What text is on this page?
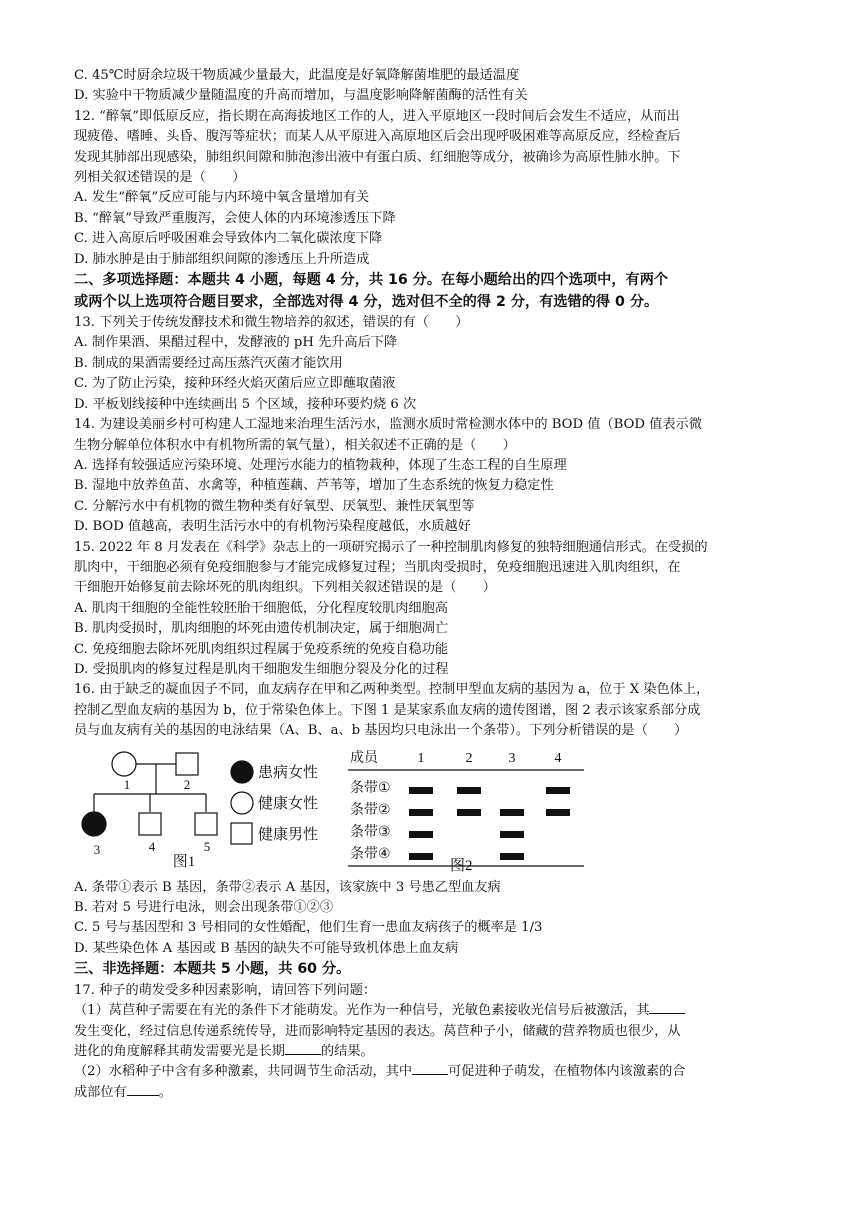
C. 45℃时厨余垃圾干物质减少量最大，此温度是好氧降解菌堆肥的最适温度
D. 实验中干物质减少量随温度的升高而增加，与温度影响降解菌酶的活性有关
12. “醉氧”即低原反应，指长期在高海拔地区工作的人，进入平原地区一段时间后会发生不适应，从而出
现疲倦、嗜睡、头昏、腹泻等症状；而某人从平原进入高原地区后会出现呼吸困难等高原反应，经检查后
发现其肺部出现感染，肺组织间隙和肺泡渗出液中有蛋白质、红细胞等成分，被确诊为高原性肺水肿。下
列相关叙述错误的是（　　）
A. 发生“醉氧”反应可能与内环境中氧含量增加有关
B. “醉氧”导致严重腹泻，会使人体的内环境渗透压下降
C. 进入高原后呼吸困难会导致体内二氧化碳浓度下降
D. 肺水肿是由于肺部组织间隙的渗透压上升所造成
二、多项选择题：本题共 4 小题，每题 4 分，共 16 分。在每小题给出的四个选项中，有两个
或两个以上选项符合题目要求，全部选对得 4 分，选对但不全的得 2 分，有选错的得 0 分。
13. 下列关于传统发酵技术和微生物培养的叙述，错误的有（　　）
A. 制作果酒、果醋过程中，发酵液的 pH 先升高后下降
B. 制成的果酒需要经过高压蒸汽灭菌才能饮用
C. 为了防止污染，接种环经火焰灭菌后应立即蘸取菌液
D. 平板划线接种中连续画出 5 个区域，接种环要灼烧 6 次
14. 为建设美丽乡村可构建人工湿地来治理生活污水，监测水质时常检测水体中的 BOD 值（BOD 值表示微
生物分解单位体积水中有机物所需的氧气量），相关叙述不正确的是（　　）
A. 选择有较强适应污染环境、处理污水能力的植物栽种，体现了生态工程的自生原理
B. 湿地中放养鱼苗、水禽等，种植莲藕、芦苇等，增加了生态系统的恢复力稳定性
C. 分解污水中有机物的微生物种类有好氧型、厌氧型、兼性厌氧型等
D. BOD 值越高，表明生活污水中的有机物污染程度越低，水质越好
15. 2022 年 8 月发表在《科学》杂志上的一项研究揭示了一种控制肌肉修复的独特细胞通信形式。在受损的
肌肉中，干细胞必须有免疫细胞参与才能完成修复过程；当肌肉受损时，免疫细胞迅速进入肌肉组织，在
干细胞开始修复前去除坏死的肌肉组织。下列相关叙述错误的是（　　）
A. 肌肉干细胞的全能性较胚胎干细胞低，分化程度较肌肉细胞高
B. 肌肉受损时，肌肉细胞的坏死由遗传机制决定，属于细胞凋亡
C. 免疫细胞去除坏死肌肉组织过程属于免疫系统的免疫自稳功能
D. 受损肌肉的修复过程是肌肉干细胞发生细胞分裂及分化的过程
16. 由于缺乏的凝血因子不同，血友病存在甲和乙两种类型。控制甲型血友病的基因为 a，位于 X 染色体上，
控制乙型血友病的基因为 b，位于常染色体上。下图 1 是某家系血友病的遗传图谱，图 2 表示该家系部分成
员与血友病有关的基因的电泳结果（A、B、a、b 基因均只电泳出一个条带）。下列分析错误的是（　　）
1	2
3	4	5
图1
患病女性
健康女性
健康男性
成员
条带①
条带②
条带③
条带④
1	2	3	4
图2
A. 条带①表示 B 基因，条带②表示 A 基因，该家族中 3 号患乙型血友病
B. 若对 5 号进行电泳，则会出现条带①②③
C. 5 号与基因型和 3 号相同的女性婚配，他们生育一患血友病孩子的概率是 1/3
D. 某些染色体 A 基因或 B 基因的缺失不可能导致机体患上血友病
三、非选择题：本题共 5 小题，共 60 分。
17. 种子的萌发受多种因素影响，请回答下列问题：
（1）莴苣种子需要在有光的条件下才能萌发。光作为一种信号，光敏色素接收光信号后被激活，其
发生变化，经过信息传递系统传导，进而影响特定基因的表达。莴苣种子小，储藏的营养物质也很少，从
进化的角度解释其萌发需要光是长期	的结果。
（2）水稻种子中含有多种激素，共同调节生命活动，其中	可促进种子萌发，在植物体内该激素的合
成部位有 。
